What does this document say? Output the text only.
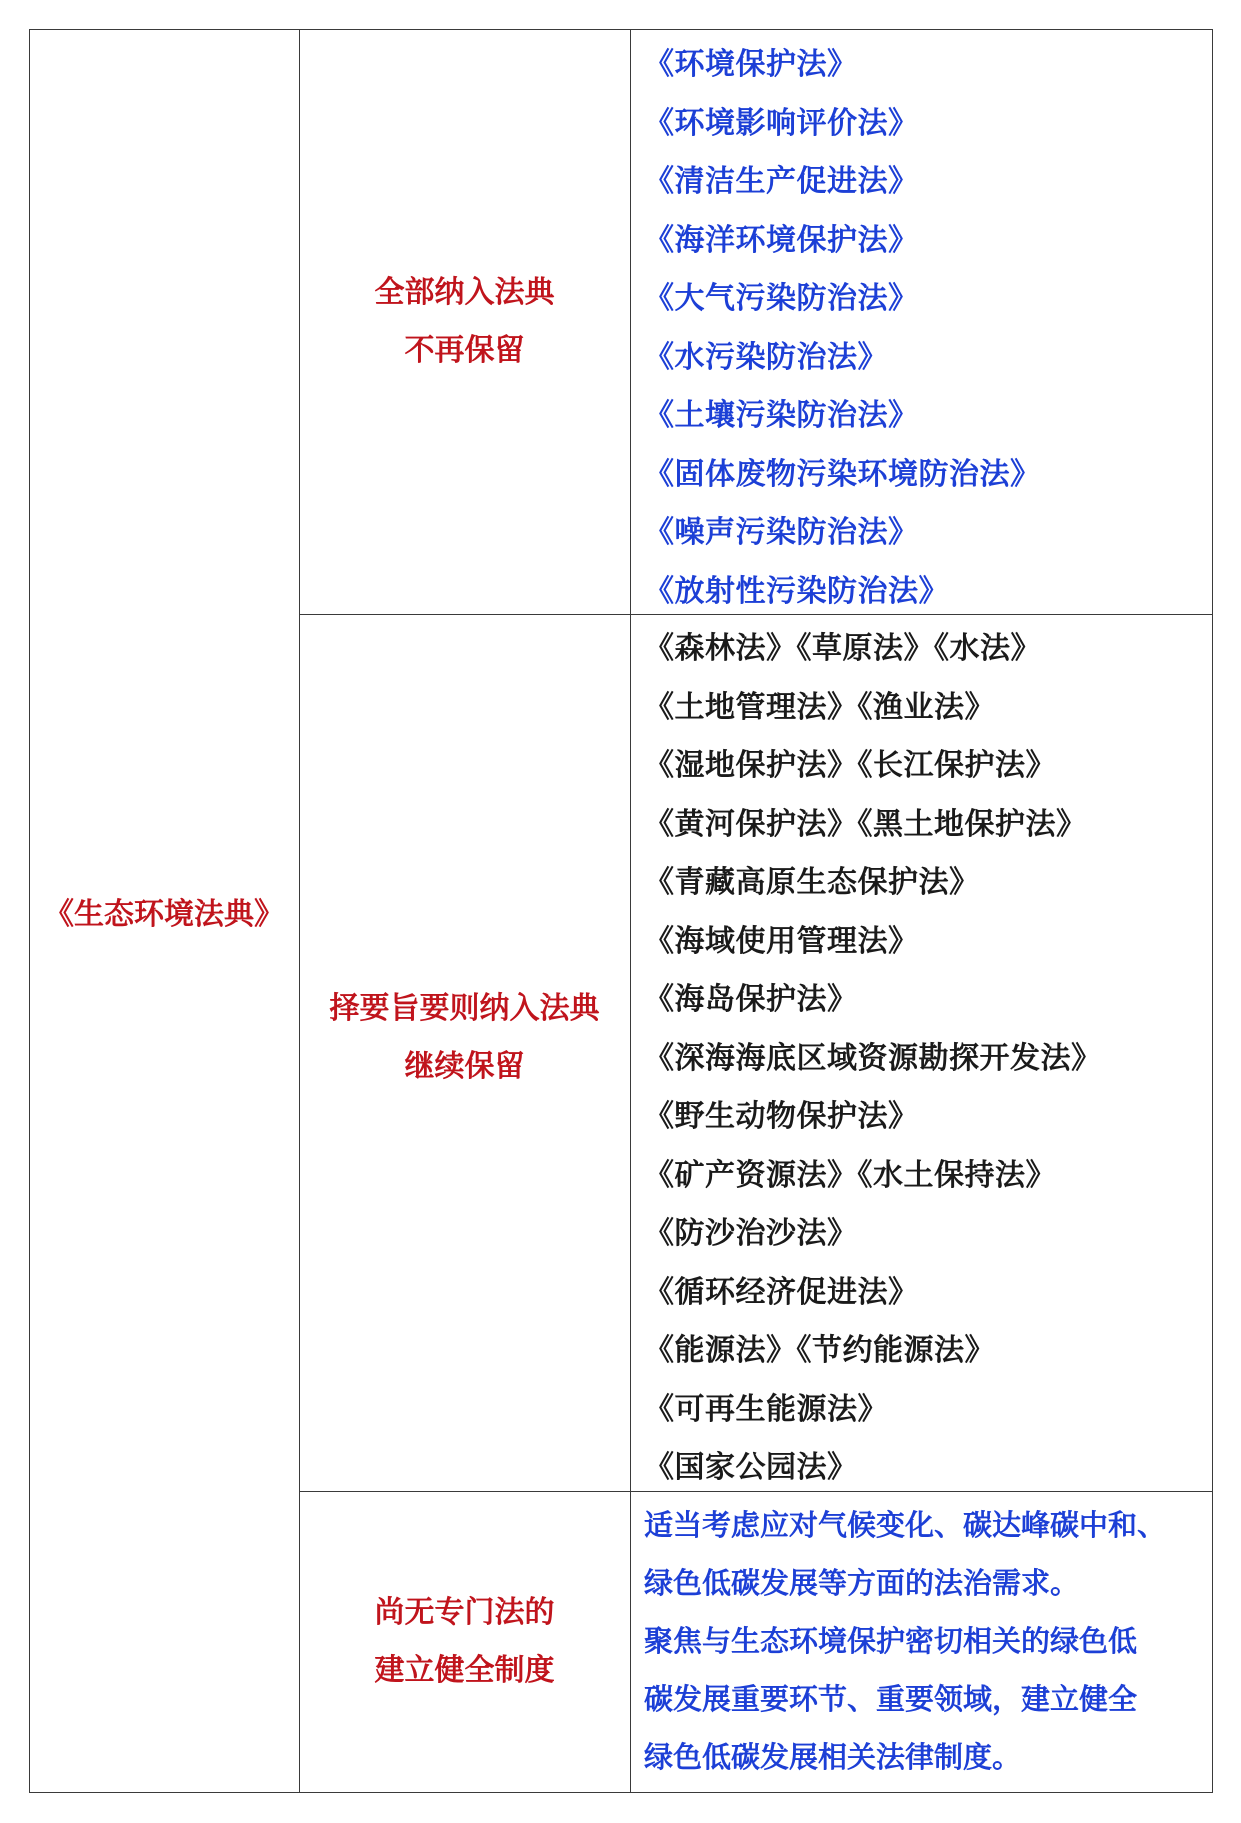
《生态环境法典》
全部纳入法典
不再保留
《环境保护法》
《环境影响评价法》
《清洁生产促进法》
《海洋环境保护法》
《大气污染防治法》
《水污染防治法》
《土壤污染防治法》
《固体废物污染环境防治法》
《噪声污染防治法》
《放射性污染防治法》
择要旨要则纳入法典
继续保留
《森林法》《草原法》《水法》
《土地管理法》《渔业法》
《湿地保护法》《长江保护法》
《黄河保护法》《黑土地保护法》
《青藏高原生态保护法》
《海域使用管理法》
《海岛保护法》
《深海海底区域资源勘探开发法》
《野生动物保护法》
《矿产资源法》《水土保持法》
《防沙治沙法》
《循环经济促进法》
《能源法》《节约能源法》
《可再生能源法》
《国家公园法》
尚无专门法的
建立健全制度
适当考虑应对气候变化、碳达峰碳中和、
绿色低碳发展等方面的法治需求。
聚焦与生态环境保护密切相关的绿色低
碳发展重要环节、重要领域，建立健全
绿色低碳发展相关法律制度。
